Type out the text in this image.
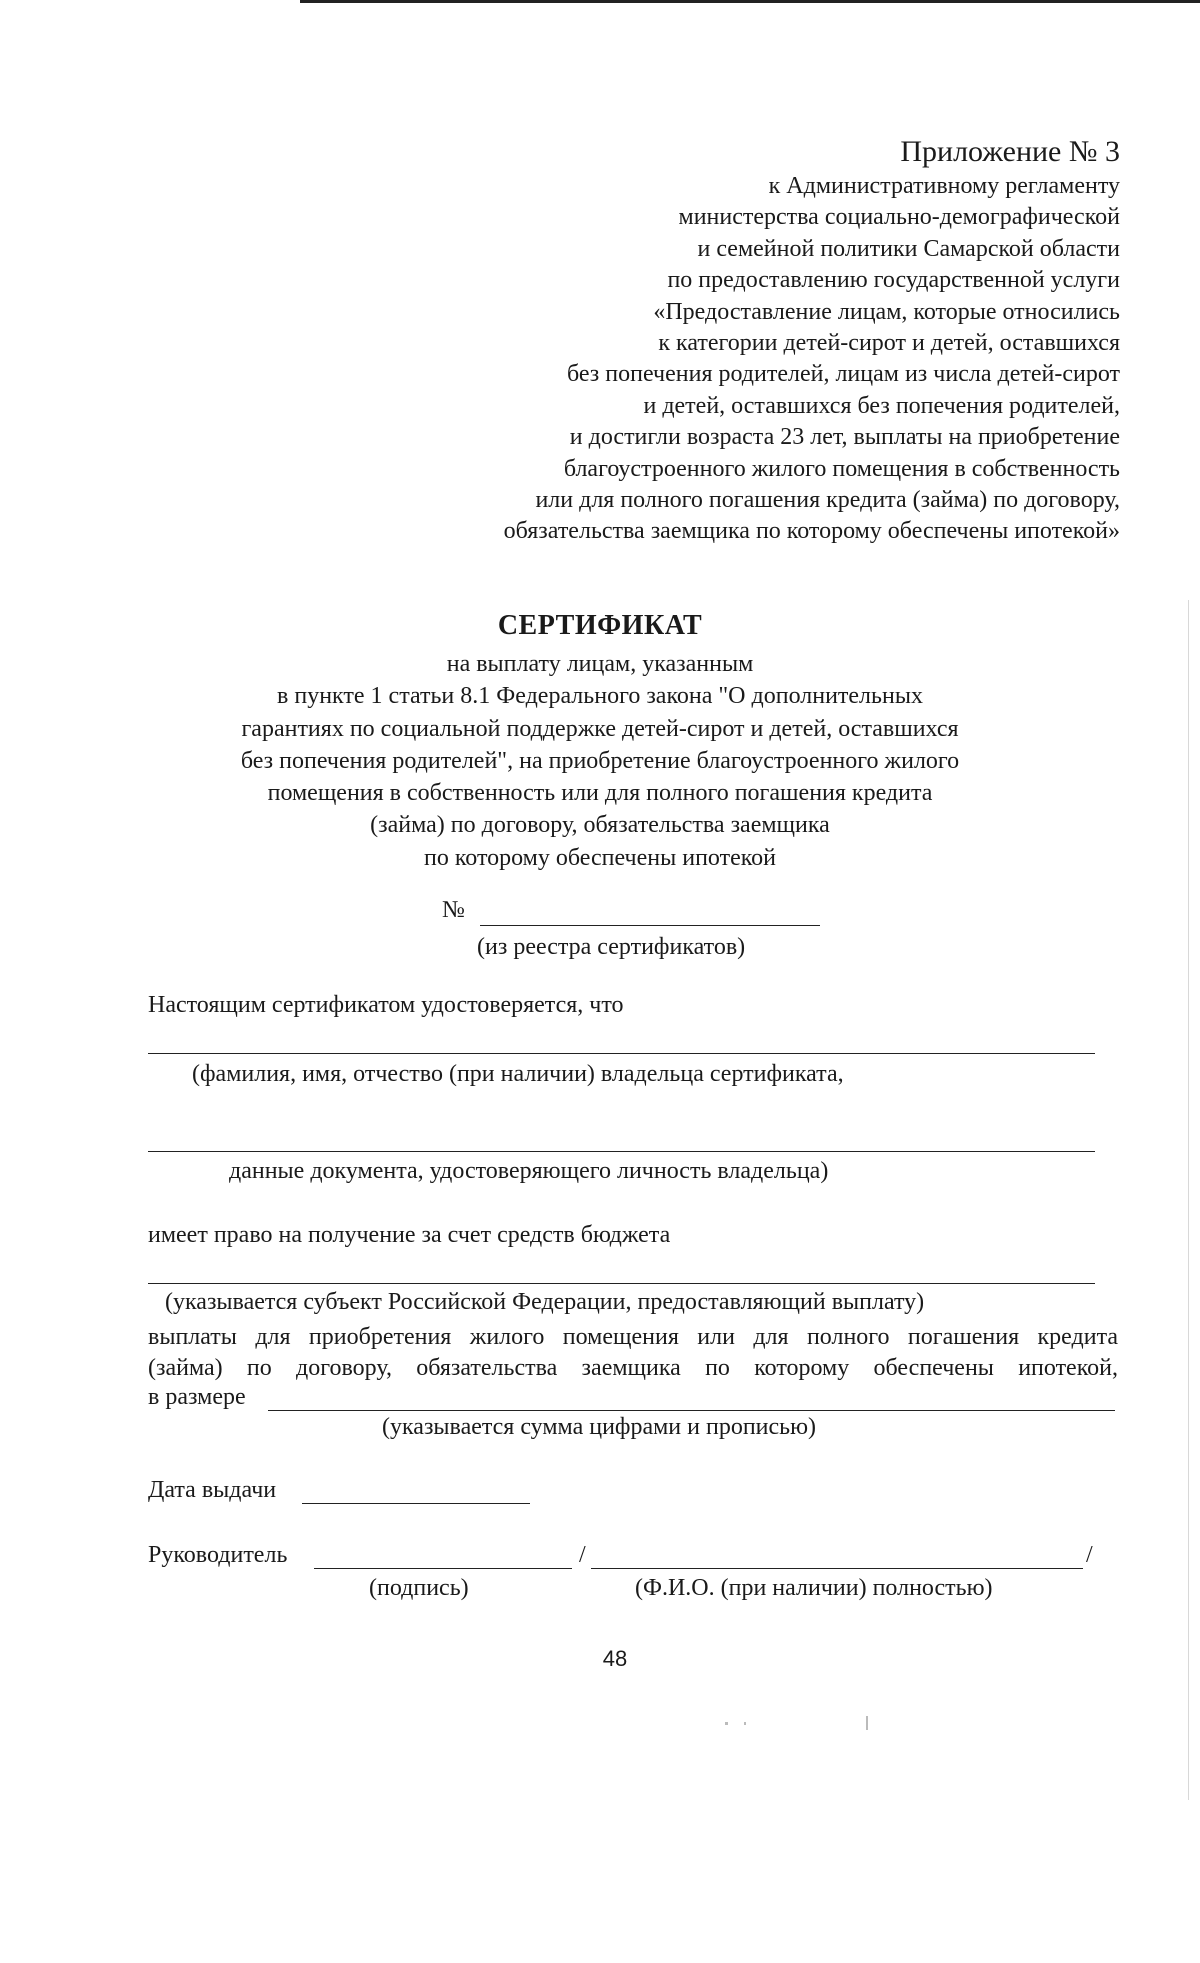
Приложение № 3
к Административному регламенту
министерства социально-демографической
и семейной политики Самарской области
по предоставлению государственной услуги
«Предоставление лицам, которые относились
к категории детей-сирот и детей, оставшихся
без попечения родителей, лицам из числа детей-сирот
и детей, оставшихся без попечения родителей,
и достигли возраста 23 лет, выплаты на приобретение
благоустроенного жилого помещения в собственность
или для полного погашения кредита (займа) по договору,
обязательства заемщика по которому обеспечены ипотекой»
СЕРТИФИКАТ
на выплату лицам, указанным
в пункте 1 статьи 8.1 Федерального закона "О дополнительных
гарантиях по социальной поддержке детей-сирот и детей, оставшихся
без попечения родителей", на приобретение благоустроенного жилого
помещения в собственность или для полного погашения кредита
(займа) по договору, обязательства заемщика
по которому обеспечены ипотекой
№
(из реестра сертификатов)
Настоящим сертификатом удостоверяется, что
(фамилия, имя, отчество (при наличии) владельца сертификата,
данные документа, удостоверяющего личность владельца)
имеет право на получение за счет средств бюджета
(указывается субъект Российской Федерации, предоставляющий выплату)
выплаты для приобретения жилого помещения или для полного погашения кредита
(займа) по договору, обязательства заемщика по которому обеспечены ипотекой,
в размере
(указывается сумма цифрами и прописью)
Дата выдачи
Руководитель	/	/
(подпись)	(Ф.И.О. (при наличии) полностью)
48
